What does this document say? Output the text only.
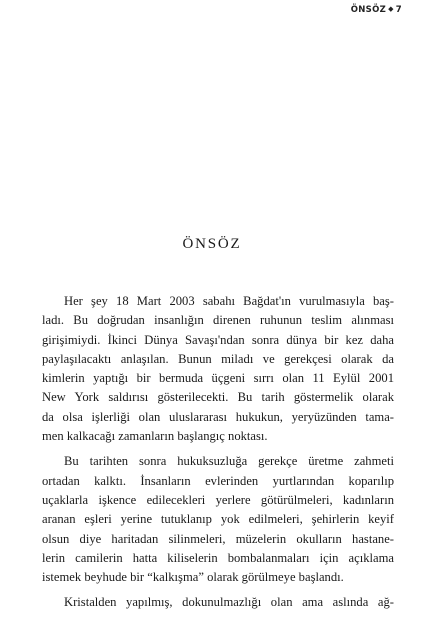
ÖNSÖZ ◆ 7
ÖNSÖZ

Her şey 18 Mart 2003 sabahı Bağdat'ın vurulmasıyla baş-
ladı. Bu doğrudan insanlığın direnen ruhunun teslim alınması
girişimiydi. İkinci Dünya Savaşı'ndan sonra dünya bir kez daha
paylaşılacaktı anlaşılan. Bunun miladı ve gerekçesi olarak da
kimlerin yaptığı bir bermuda üçgeni sırrı olan 11 Eylül 2001
New York saldırısı gösterilecekti. Bu tarih göstermelik olarak
da olsa işlerliği olan uluslararası hukukun, yeryüzünden tama-
men kalkacağı zamanların başlangıç noktası.

Bu tarihten sonra hukuksuzluğa gerekçe üretme zahmeti
ortadan kalktı. İnsanların evlerinden yurtlarından koparılıp
uçaklarla işkence edilecekleri yerlere götürülmeleri, kadınların
aranan eşleri yerine tutuklanıp yok edilmeleri, şehirlerin keyif
olsun diye haritadan silinmeleri, müzelerin okulların hastane-
lerin camilerin hatta kiliselerin bombalanmaları için açıklama
istemek beyhude bir “kalkışma” olarak görülmeye başlandı.

Kristalden yapılmış, dokunulmazlığı olan ama aslında ağ-
